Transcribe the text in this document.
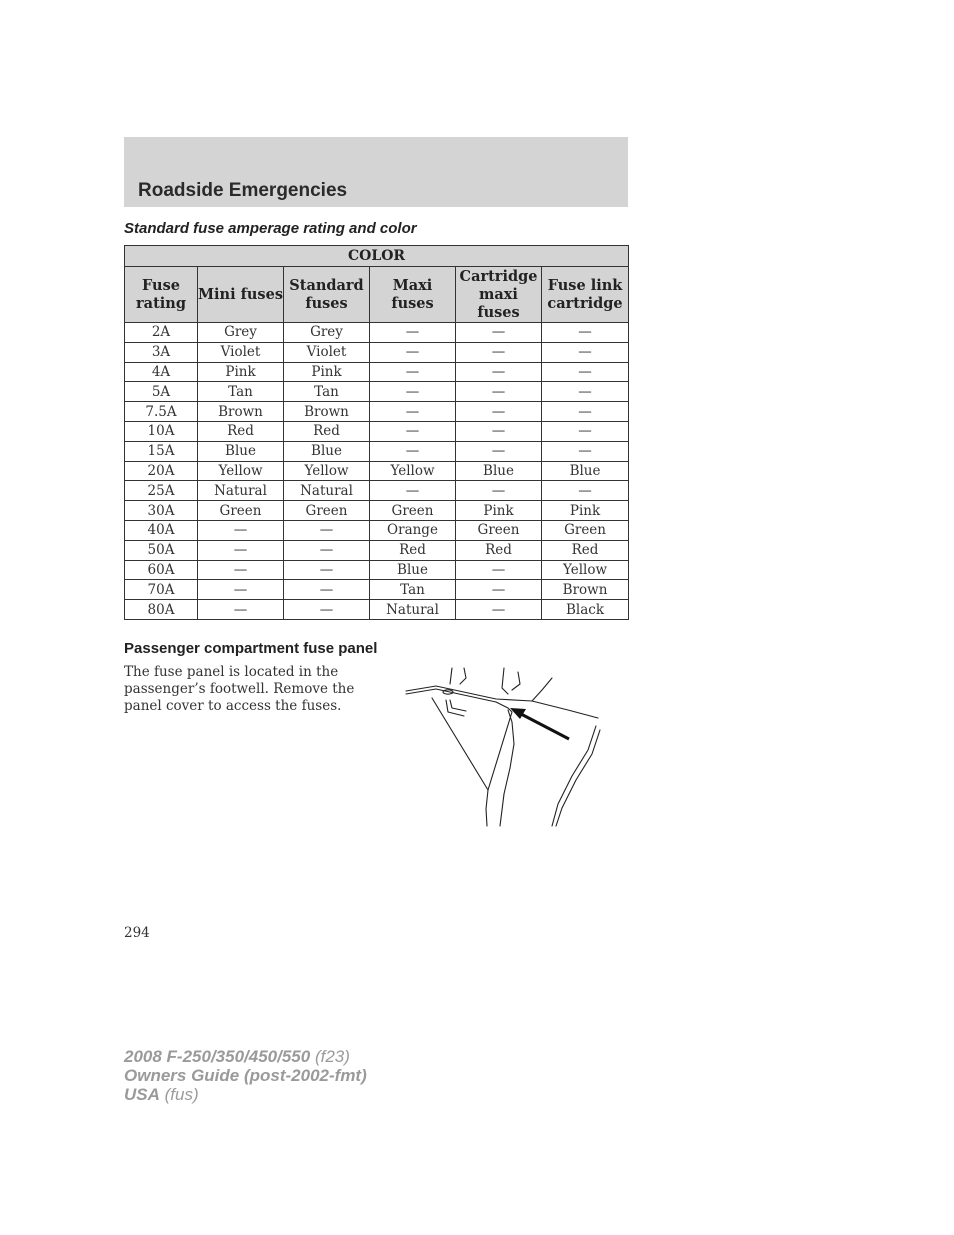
Roadside Emergencies
Standard fuse amperage rating and color
COLOR					
Fuse rating	Mini fuses	Standard fuses	Maxi fuses	Cartridge maxi fuses	Fuse link cartridge
2A	Grey	Grey	—	—	—
3A	Violet	Violet	—	—	—
4A	Pink	Pink	—	—	—
5A	Tan	Tan	—	—	—
7.5A	Brown	Brown	—	—	—
10A	Red	Red	—	—	—
15A	Blue	Blue	—	—	—
20A	Yellow	Yellow	Yellow	Blue	Blue
25A	Natural	Natural	—	—	—
30A	Green	Green	Green	Pink	Pink
40A	—	—	Orange	Green	Green
50A	—	—	Red	Red	Red
60A	—	—	Blue	—	Yellow
70A	—	—	Tan	—	Brown
80A	—	—	Natural	—	Black
Passenger compartment fuse panel

The fuse panel is located in the passenger’s footwell. Remove the panel cover to access the fuses.

294

2008 F-250/350/450/550 (f23)
Owners Guide (post-2002-fmt)
USA (fus)
